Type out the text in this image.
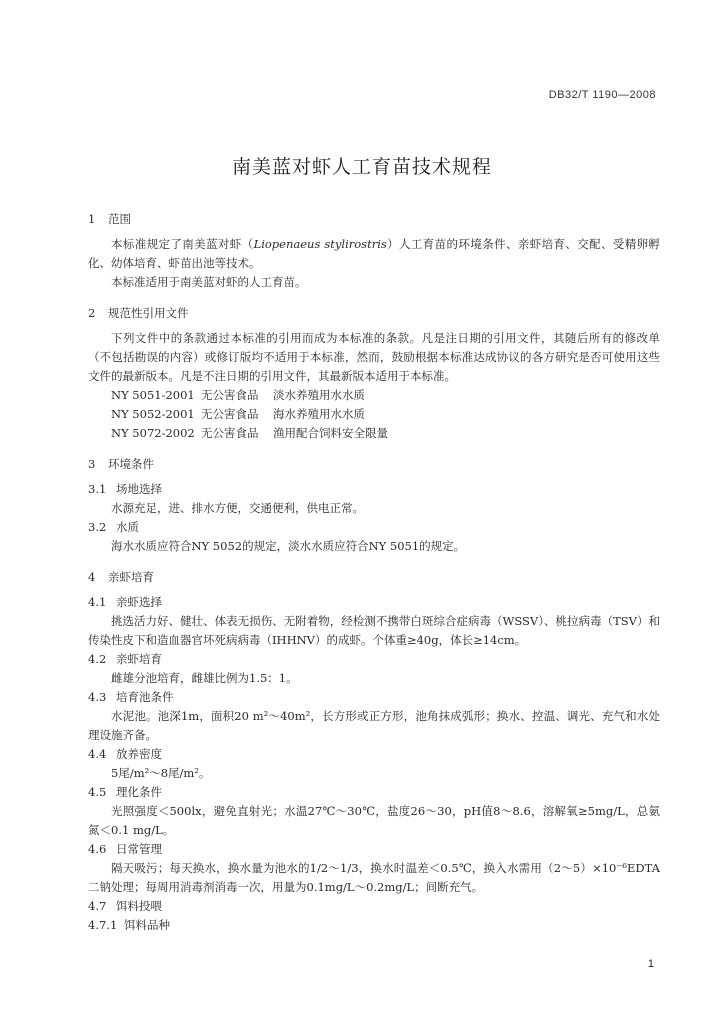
DB32/T 1190—2008
南美蓝对虾人工育苗技术规程

1 范围

本标准规定了南美蓝对虾（Liopenaeus stylirostris）人工育苗的环境条件、亲虾培育、交配、受精卵孵化、幼体培育、虾苗出池等技术。

本标准适用于南美蓝对虾的人工育苗。

2 规范性引用文件

下列文件中的条款通过本标准的引用而成为本标准的条款。凡是注日期的引用文件，其随后所有的修改单（不包括勘误的内容）或修订版均不适用于本标准，然而，鼓励根据本标准达成协议的各方研究是否可使用这些文件的最新版本。凡是不注日期的引用文件，其最新版本适用于本标准。

NY 5051-2001 无公害食品 淡水养殖用水水质

NY 5052-2001 无公害食品 海水养殖用水水质

NY 5072-2002 无公害食品 渔用配合饲料安全限量

3 环境条件

3.1 场地选择

水源充足，进、排水方便，交通便利，供电正常。

3.2 水质

海水水质应符合NY 5052的规定，淡水水质应符合NY 5051的规定。

4 亲虾培育

4.1 亲虾选择

挑选活力好、健壮、体表无损伤、无附着物，经检测不携带白斑综合症病毒（WSSV）、桃拉病毒（TSV）和传染性皮下和造血器官坏死病病毒（IHHNV）的成虾。个体重≥40g，体长≥14cm。

4.2 亲虾培育

雌雄分池培育，雌雄比例为1.5：1。

4.3 培育池条件

水泥池。池深1m，面积20 m²～40m²，长方形或正方形，池角抹成弧形；换水、控温、调光、充气和水处理设施齐备。

4.4 放养密度

5尾/m²～8尾/m²。

4.5 理化条件

光照强度＜500lx，避免直射光；水温27℃～30℃，盐度26～30，pH值8～8.6，溶解氧≥5mg/L，总氨氮＜0.1 mg/L。

4.6 日常管理

隔天吸污；每天换水，换水量为池水的1/2～1/3，换水时温差＜0.5℃，换入水需用（2～5）×10⁻⁶EDTA二钠处理；每周用消毒剂消毒一次，用量为0.1mg/L～0.2mg/L；间断充气。

4.7 饵料投喂

4.7.1 饵料品种

1
